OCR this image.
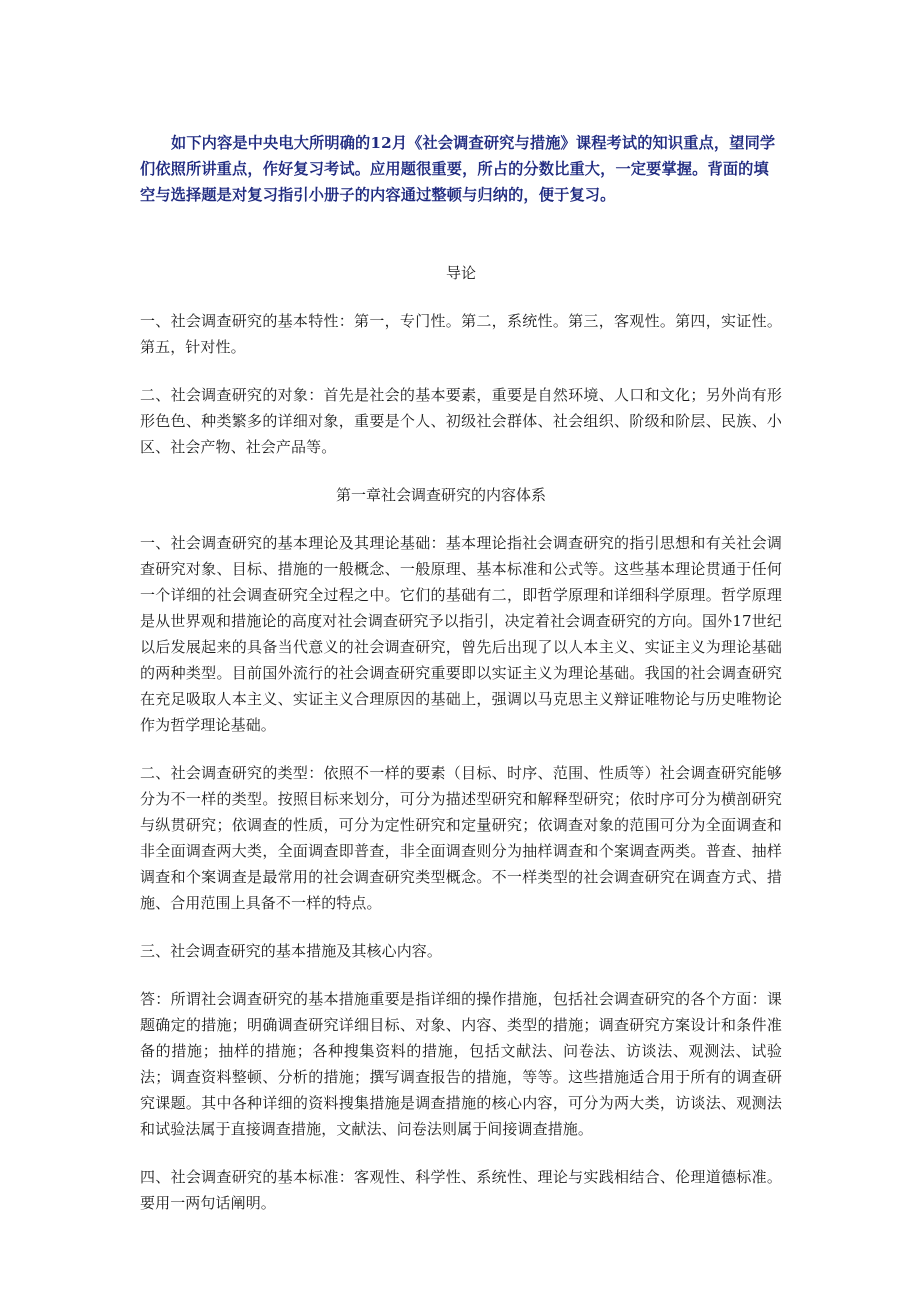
如下内容是中央电大所明确的12月《社会调查研究与措施》课程考试的知识重点，望同学们依照所讲重点，作好复习考试。应用题很重要，所占的分数比重大，一定要掌握。背面的填空与选择题是对复习指引小册子的内容通过整顿与归纳的，便于复习。

导论

一、社会调查研究的基本特性：第一，专门性。第二，系统性。第三，客观性。第四，实证性。第五，针对性。

二、社会调查研究的对象：首先是社会的基本要素，重要是自然环境、人口和文化；另外尚有形形色色、种类繁多的详细对象，重要是个人、初级社会群体、社会组织、阶级和阶层、民族、小区、社会产物、社会产品等。

第一章社会调查研究的内容体系

一、社会调查研究的基本理论及其理论基础：基本理论指社会调查研究的指引思想和有关社会调查研究对象、目标、措施的一般概念、一般原理、基本标准和公式等。这些基本理论贯通于任何一个详细的社会调查研究全过程之中。它们的基础有二，即哲学原理和详细科学原理。哲学原理是从世界观和措施论的高度对社会调查研究予以指引，决定着社会调查研究的方向。国外17世纪以后发展起来的具备当代意义的社会调查研究，曾先后出现了以人本主义、实证主义为理论基础的两种类型。目前国外流行的社会调查研究重要即以实证主义为理论基础。我国的社会调查研究在充足吸取人本主义、实证主义合理原因的基础上，强调以马克思主义辩证唯物论与历史唯物论作为哲学理论基础。

二、社会调查研究的类型：依照不一样的要素（目标、时序、范围、性质等）社会调查研究能够分为不一样的类型。按照目标来划分，可分为描述型研究和解释型研究；依时序可分为横剖研究与纵贯研究；依调查的性质，可分为定性研究和定量研究；依调查对象的范围可分为全面调查和非全面调查两大类，全面调查即普查，非全面调查则分为抽样调查和个案调查两类。普查、抽样调查和个案调查是最常用的社会调查研究类型概念。不一样类型的社会调查研究在调查方式、措施、合用范围上具备不一样的特点。

三、社会调查研究的基本措施及其核心内容。

答：所谓社会调查研究的基本措施重要是指详细的操作措施，包括社会调查研究的各个方面：课题确定的措施；明确调查研究详细目标、对象、内容、类型的措施；调查研究方案设计和条件准备的措施；抽样的措施；各种搜集资料的措施，包括文献法、问卷法、访谈法、观测法、试验法；调查资料整顿、分析的措施；撰写调查报告的措施，等等。这些措施适合用于所有的调查研究课题。其中各种详细的资料搜集措施是调查措施的核心内容，可分为两大类，访谈法、观测法和试验法属于直接调查措施，文献法、问卷法则属于间接调查措施。

四、社会调查研究的基本标准：客观性、科学性、系统性、理论与实践相结合、伦理道德标准。要用一两句话阐明。
